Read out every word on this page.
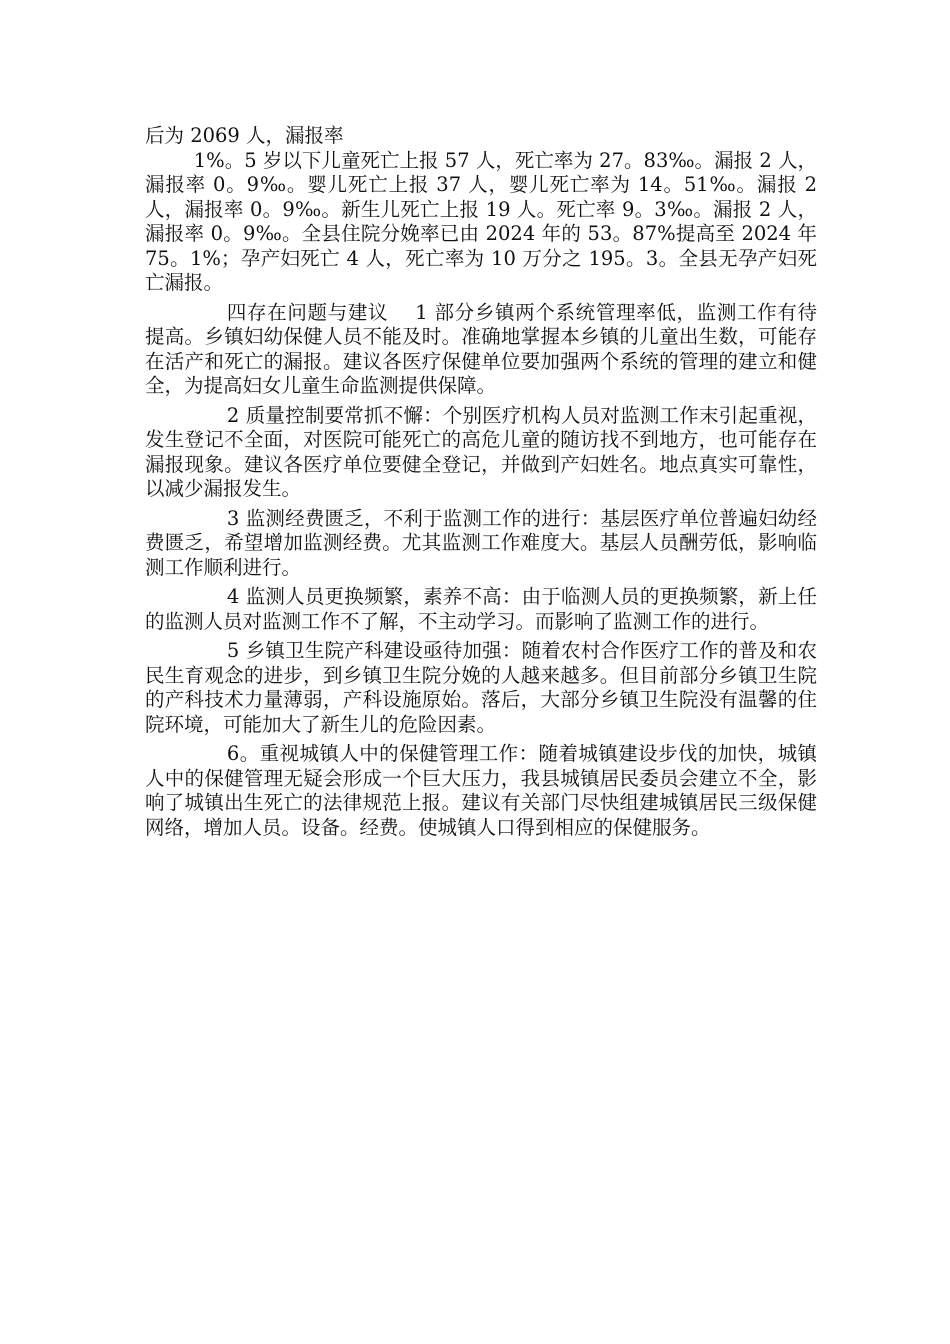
后为 2069 人，漏报率

1%。5 岁以下儿童死亡上报 57 人，死亡率为 27。83‰。漏报 2 人，漏报率 0。9‰。婴儿死亡上报 37 人，婴儿死亡率为 14。51‰。漏报 2 人，漏报率 0。9‰。新生儿死亡上报 19 人。死亡率 9。3‰。漏报 2 人，漏报率 0。9‰。全县住院分娩率已由 2024 年的 53。87%提高至 2024 年 75。1%；孕产妇死亡 4 人，死亡率为 10 万分之 195。3。全县无孕产妇死亡漏报。

四存在问题与建议　 1 部分乡镇两个系统管理率低，监测工作有待提高。乡镇妇幼保健人员不能及时。准确地掌握本乡镇的儿童出生数，可能存在活产和死亡的漏报。建议各医疗保健单位要加强两个系统的管理的建立和健全，为提高妇女儿童生命监测提供保障。

2 质量控制要常抓不懈：个别医疗机构人员对监测工作末引起重视，发生登记不全面，对医院可能死亡的高危儿童的随访找不到地方，也可能存在漏报现象。建议各医疗单位要健全登记，并做到产妇姓名。地点真实可靠性，以减少漏报发生。

3 监测经费匮乏，不利于监测工作的进行：基层医疗单位普遍妇幼经费匮乏，希望增加监测经费。尤其监测工作难度大。基层人员酬劳低，影响临测工作顺利进行。

4 监测人员更换频繁，素养不高：由于临测人员的更换频繁，新上任的监测人员对监测工作不了解，不主动学习。而影响了监测工作的进行。

5 乡镇卫生院产科建设亟待加强：随着农村合作医疗工作的普及和农民生育观念的进步，到乡镇卫生院分娩的人越来越多。但目前部分乡镇卫生院的产科技术力量薄弱，产科设施原始。落后，大部分乡镇卫生院没有温馨的住院环境，可能加大了新生儿的危险因素。

6。重视城镇人中的保健管理工作：随着城镇建设步伐的加快，城镇人中的保健管理无疑会形成一个巨大压力，我县城镇居民委员会建立不全，影响了城镇出生死亡的法律规范上报。建议有关部门尽快组建城镇居民三级保健网络，增加人员。设备。经费。使城镇人口得到相应的保健服务。
